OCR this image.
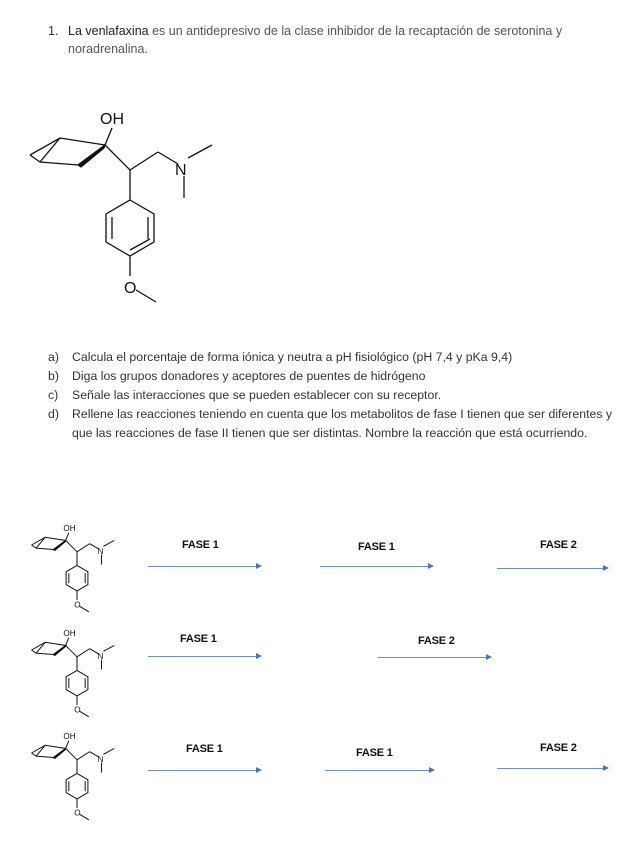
1. La venlafaxina es un antidepresivo de la clase inhibidor de la recaptación de serotonina y noradrenalina.
OH
N
O
a) Calcula el porcentaje de forma iónica y neutra a pH fisiológico (pH 7,4 y pKa 9,4)
b) Diga los grupos donadores y aceptores de puentes de hidrógeno
c) Señale las interacciones que se pueden establecer con su receptor.
d) Rellene las reacciones teniendo en cuenta que los metabolitos de fase I tienen que ser diferentes y que las reacciones de fase II tienen que ser distintas. Nombre la reacción que está ocurriendo.
OH
N
O
FASE 1	FASE 1	FASE 2
OH
N
O
FASE 1	FASE 2
OH
N
O
FASE 1	FASE 1	FASE 2
